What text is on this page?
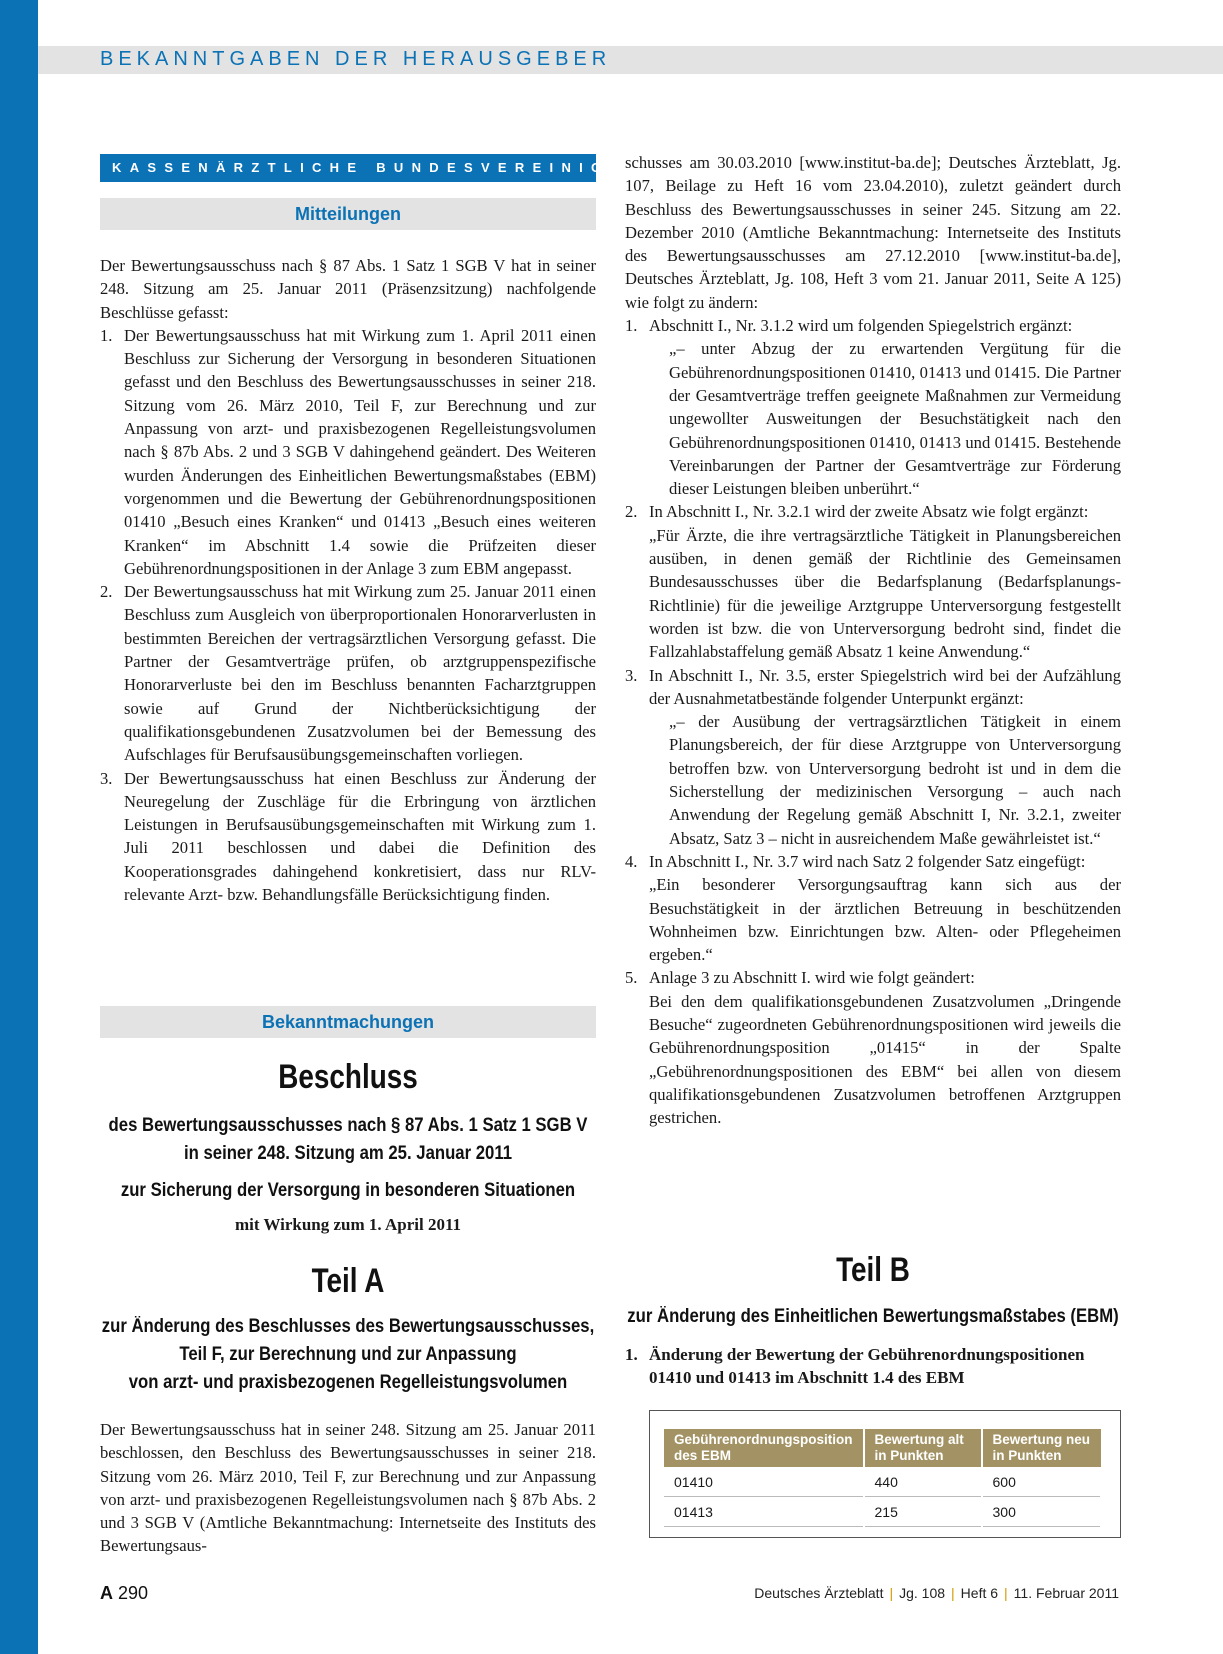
BEKANNTGABEN DER HERAUSGEBER
KASSENÄRZTLICHE BUNDESVEREINIGUNG
Mitteilungen

Der Bewertungsausschuss nach § 87 Abs. 1 Satz 1 SGB V hat in seiner 248. Sitzung am 25. Januar 2011 (Präsenzsitzung) nachfolgende Beschlüsse gefasst:

1. Der Bewertungsausschuss hat mit Wirkung zum 1. April 2011 einen Beschluss zur Sicherung der Versorgung in besonderen Situationen gefasst und den Beschluss des Bewertungsausschusses in seiner 218. Sitzung vom 26. März 2010, Teil F, zur Berechnung und zur Anpassung von arzt- und praxisbezogenen Regelleistungsvolumen nach § 87b Abs. 2 und 3 SGB V dahingehend geändert. Des Weiteren wurden Änderungen des Einheitlichen Bewertungsmaßstabes (EBM) vorgenommen und die Bewertung der Gebührenordnungspositionen 01410 „Besuch eines Kranken“ und 01413 „Besuch eines weiteren Kranken“ im Abschnitt 1.4 sowie die Prüfzeiten dieser Gebührenordnungspositionen in der Anlage 3 zum EBM angepasst.
2. Der Bewertungsausschuss hat mit Wirkung zum 25. Januar 2011 einen Beschluss zum Ausgleich von überproportionalen Honorarverlusten in bestimmten Bereichen der vertragsärztlichen Versorgung gefasst. Die Partner der Gesamtverträge prüfen, ob arztgruppenspezifische Honorarverluste bei den im Beschluss benannten Facharztgruppen sowie auf Grund der Nichtberücksichtigung der qualifikationsgebundenen Zusatzvolumen bei der Bemessung des Aufschlages für Berufsausübungsgemeinschaften vorliegen.
3. Der Bewertungsausschuss hat einen Beschluss zur Änderung der Neuregelung der Zuschläge für die Erbringung von ärztlichen Leistungen in Berufsausübungsgemeinschaften mit Wirkung zum 1. Juli 2011 beschlossen und dabei die Definition des Kooperationsgrades dahingehend konkretisiert, dass nur RLV-relevante Arzt- bzw. Behandlungsfälle Berücksichtigung finden.
Bekanntmachungen
Beschluss
des Bewertungsausschusses nach § 87 Abs. 1 Satz 1 SGB V
in seiner 248. Sitzung am 25. Januar 2011
zur Sicherung der Versorgung in besonderen Situationen
mit Wirkung zum 1. April 2011
Teil A
zur Änderung des Beschlusses des Bewertungsausschusses,
Teil F, zur Berechnung und zur Anpassung
von arzt- und praxisbezogenen Regelleistungsvolumen
Der Bewertungsausschuss hat in seiner 248. Sitzung am 25. Januar 2011 beschlossen, den Beschluss des Bewertungsausschusses in seiner 218. Sitzung vom 26. März 2010, Teil F, zur Berechnung und zur Anpassung von arzt- und praxisbezogenen Regelleistungsvolumen nach § 87b Abs. 2 und 3 SGB V (Amtliche Bekanntmachung: Internetseite des Instituts des Bewertungsaus-

schusses am 30.03.2010 [www.institut-ba.de]; Deutsches Ärzteblatt, Jg. 107, Beilage zu Heft 16 vom 23.04.2010), zuletzt geändert durch Beschluss des Bewertungsausschusses in seiner 245. Sitzung am 22. Dezember 2010 (Amtliche Bekanntmachung: Internetseite des Instituts des Bewertungsausschusses am 27.12.2010 [www.institut-ba.de], Deutsches Ärzteblatt, Jg. 108, Heft 3 vom 21. Januar 2011, Seite A 125) wie folgt zu ändern:

1. Abschnitt I., Nr. 3.1.2 wird um folgenden Spiegelstrich ergänzt:
„– unter Abzug der zu erwartenden Vergütung für die Gebührenordnungspositionen 01410, 01413 und 01415. Die Partner der Gesamtverträge treffen geeignete Maßnahmen zur Vermeidung ungewollter Ausweitungen der Besuchstätigkeit nach den Gebührenordnungspositionen 01410, 01413 und 01415. Bestehende Vereinbarungen der Partner der Gesamtverträge zur Förderung dieser Leistungen bleiben unberührt.“
2. In Abschnitt I., Nr. 3.2.1 wird der zweite Absatz wie folgt ergänzt:
„Für Ärzte, die ihre vertragsärztliche Tätigkeit in Planungsbereichen ausüben, in denen gemäß der Richtlinie des Gemeinsamen Bundesausschusses über die Bedarfsplanung (Bedarfsplanungs-Richtlinie) für die jeweilige Arztgruppe Unterversorgung festgestellt worden ist bzw. die von Unterversorgung bedroht sind, findet die Fallzahlabstaffelung gemäß Absatz 1 keine Anwendung.“
3. In Abschnitt I., Nr. 3.5, erster Spiegelstrich wird bei der Aufzählung der Ausnahmetatbestände folgender Unterpunkt ergänzt:
„– der Ausübung der vertragsärztlichen Tätigkeit in einem Planungsbereich, der für diese Arztgruppe von Unterversorgung betroffen bzw. von Unterversorgung bedroht ist und in dem die Sicherstellung der medizinischen Versorgung – auch nach Anwendung der Regelung gemäß Abschnitt I, Nr. 3.2.1, zweiter Absatz, Satz 3 – nicht in ausreichendem Maße gewährleistet ist.“
4. In Abschnitt I., Nr. 3.7 wird nach Satz 2 folgender Satz eingefügt:
„Ein besonderer Versorgungsauftrag kann sich aus der Besuchstätigkeit in der ärztlichen Betreuung in beschützenden Wohnheimen bzw. Einrichtungen bzw. Alten- oder Pflegeheimen ergeben.“
5. Anlage 3 zu Abschnitt I. wird wie folgt geändert:
Bei den dem qualifikationsgebundenen Zusatzvolumen „Dringende Besuche“ zugeordneten Gebührenordnungspositionen wird jeweils die Gebührenordnungsposition „01415“ in der Spalte „Gebührenordnungspositionen des EBM“ bei allen von diesem qualifikationsgebundenen Zusatzvolumen betroffenen Arztgruppen gestrichen.
Teil B
zur Änderung des Einheitlichen Bewertungsmaßstabes (EBM)
1. Änderung der Bewertung der Gebührenordnungspositionen 01410 und 01413 im Abschnitt 1.4 des EBM
Gebührenordnungsposition des EBM	Bewertung alt in Punkten	Bewertung neu in Punkten
01410	440	600
01413	215	300
A 290	Deutsches Ärzteblatt | Jg. 108 | Heft 6 | 11. Februar 2011
